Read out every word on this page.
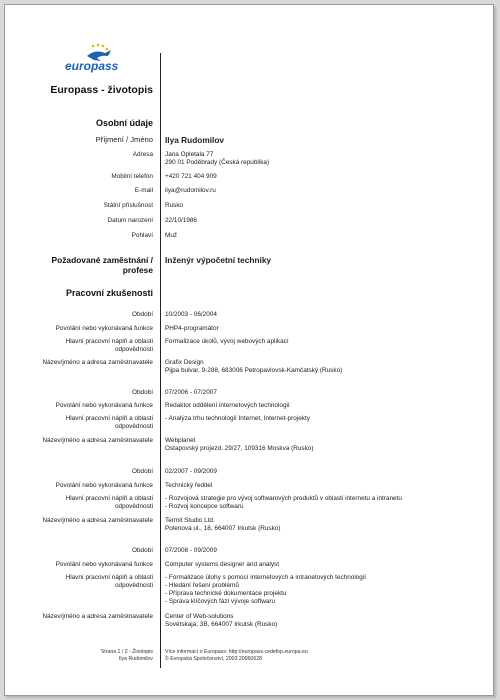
europass
Europass - životopis
Osobní údaje
Příjmení / Jméno Ilya Rudomilov
Adresa Jana Opletala 77
290 01 Poděbrady (Česká republika)
Mobilní telefon +420 721 404 909
E-mail ilya@rudomilov.ru
Státní příslušnost Rusko
Datum narození 22/10/1986
Pohlaví Muž
Požadované zaměstnání /
profese
Inženýr výpočetní techniky
Pracovní zkušenosti
Období 10/2003 - 06/2004
Povolání nebo vykonávaná funkce PHP4-programátor
Hlavní pracovní náplň a oblasti
odpovědnosti
Formalizace úkolů, vývoj webových aplikací
Název/jméno a adresa zaměstnavatele Grafix Design
Pijpa bulvar, 9-288, 683006 Petropavlovsk-Kamčatský (Rusko)
Období 07/2006 - 07/2007
Povolání nebo vykonávaná funkce Redaktor oddělení internetových technologií
Hlavní pracovní náplň a oblasti
odpovědnosti
- Analýza trhu technologií Internet, Internet-projekty
Název/jméno a adresa zaměstnavatele Webplanet
Ostapovský projezd, 29/27, 109316 Moskva (Rusko)
Období 02/2007 - 09/2009
Povolání nebo vykonávaná funkce Technický ředitel
Hlavní pracovní náplň a oblasti
odpovědnosti
- Rozvojová strategie pro vývoj softwarových produktů v oblasti internetu a intranetu
- Rozvoj koncepce softwaru
Název/jméno a adresa zaměstnavatele Termit Studio Ltd.
Polenova ul., 18, 664007 Irkutsk (Rusko)
Období 07/2008 - 09/2009
Povolání nebo vykonávaná funkce Computer systems designer and analyst
Hlavní pracovní náplň a oblasti
odpovědnosti
- Formalizace úlohy s pomocí internetových a intranetových technologií
- Hledání řešení problémů
- Příprava technické dokumentace projektu
- Správa klíčových fází vývoje softwaru
Název/jméno a adresa zaměstnavatele Center of Web-solutions
Sovětskaja, 3B, 664007 Irkutsk (Rusko)
Strana 1 / 2 - Životopis
Ilya Rudomilov
Více informací o Europass: http://europass.cedefop.europa.eu
© Evropská Společenství, 2003 20060628
